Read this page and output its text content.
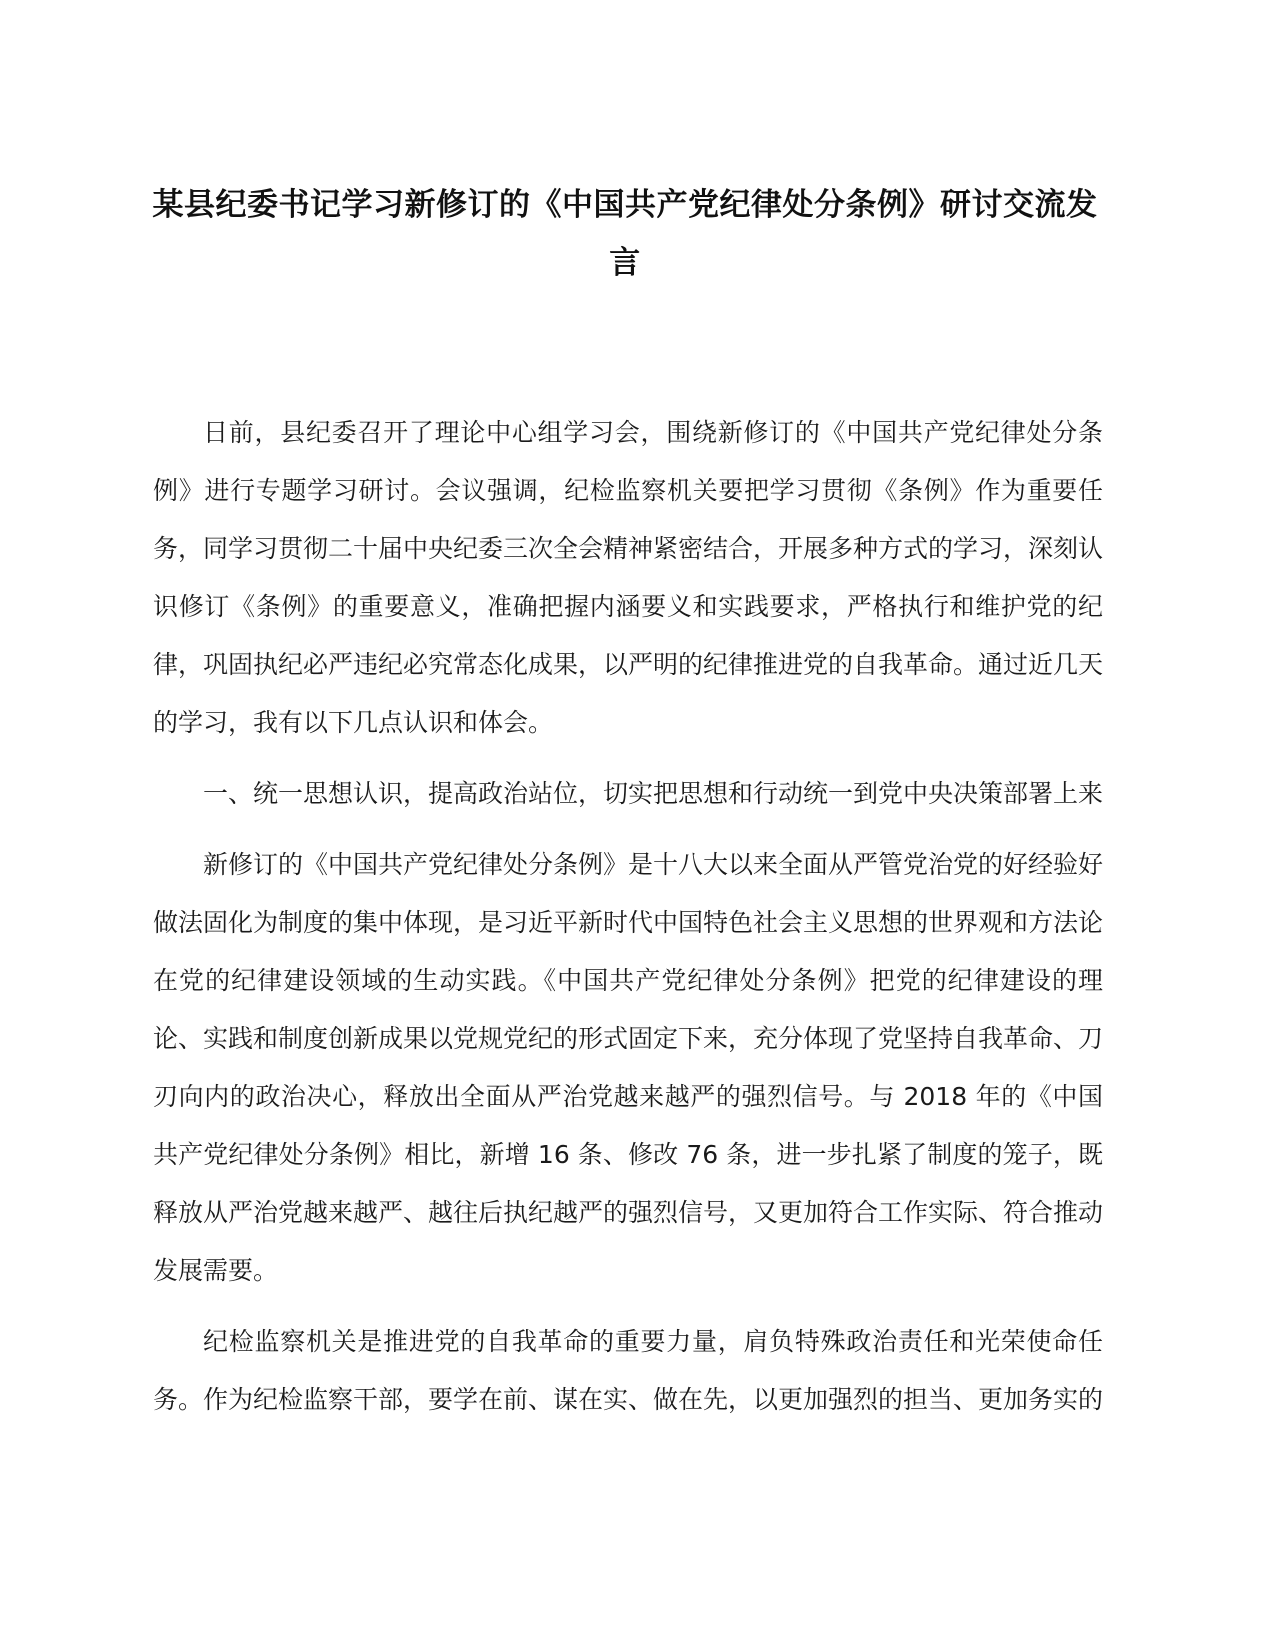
某县纪委书记学习新修订的《中国共产党纪律处分条例》研讨交流发言

日前，县纪委召开了理论中心组学习会，围绕新修订的《中国共产党纪律处分条例》进行专题学习研讨。会议强调，纪检监察机关要把学习贯彻《条例》作为重要任务，同学习贯彻二十届中央纪委三次全会精神紧密结合，开展多种方式的学习，深刻认识修订《条例》的重要意义，准确把握内涵要义和实践要求，严格执行和维护党的纪律，巩固执纪必严违纪必究常态化成果，以严明的纪律推进党的自我革命。通过近几天的学习，我有以下几点认识和体会。

一、统一思想认识，提高政治站位，切实把思想和行动统一到党中央决策部署上来

新修订的《中国共产党纪律处分条例》是十八大以来全面从严管党治党的好经验好做法固化为制度的集中体现，是习近平新时代中国特色社会主义思想的世界观和方法论在党的纪律建设领域的生动实践。《中国共产党纪律处分条例》把党的纪律建设的理论、实践和制度创新成果以党规党纪的形式固定下来，充分体现了党坚持自我革命、刀刃向内的政治决心，释放出全面从严治党越来越严的强烈信号。与 2018 年的《中国共产党纪律处分条例》相比，新增 16 条、修改 76 条，进一步扎紧了制度的笼子，既释放从严治党越来越严、越往后执纪越严的强烈信号，又更加符合工作实际、符合推动发展需要。

纪检监察机关是推进党的自我革命的重要力量，肩负特殊政治责任和光荣使命任务。作为纪检监察干部，要学在前、谋在实、做在先，以更加强烈的担当、更加务实的
